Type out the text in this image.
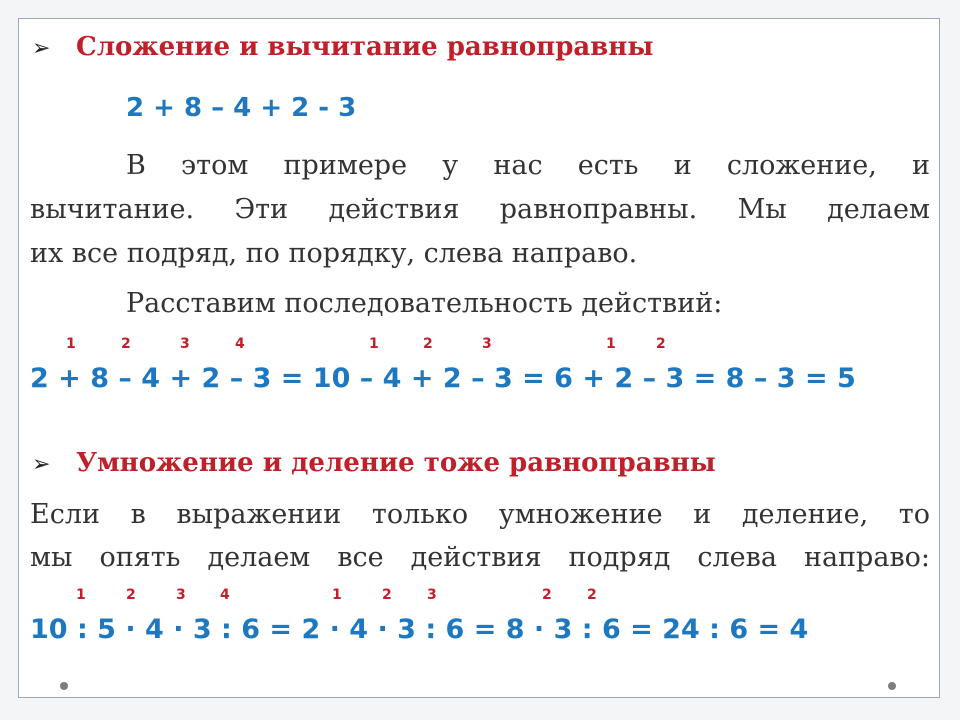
➢ Сложение и вычитание равноправны
2 + 8 – 4 + 2 - 3
В этом примере у нас есть и сложение, и
вычитание. Эти действия равноправны. Мы делаем
их все подряд, по порядку, слева направо.
Расставим последовательность действий:
1	2	3	4	1	2	3	1	2
2 + 8 – 4 + 2 – 3 = 10 – 4 + 2 – 3 = 6 + 2 – 3 = 8 – 3 = 5
➢ Умножение и деление тоже равноправны
Если в выражении только умножение и деление, то
мы опять делаем все действия подряд слева направо:
1	2	3 4	1	2	3	2	2
10 : 5 · 4 · 3 : 6 = 2 · 4 · 3 : 6 = 8 · 3 : 6 = 24 : 6 = 4
